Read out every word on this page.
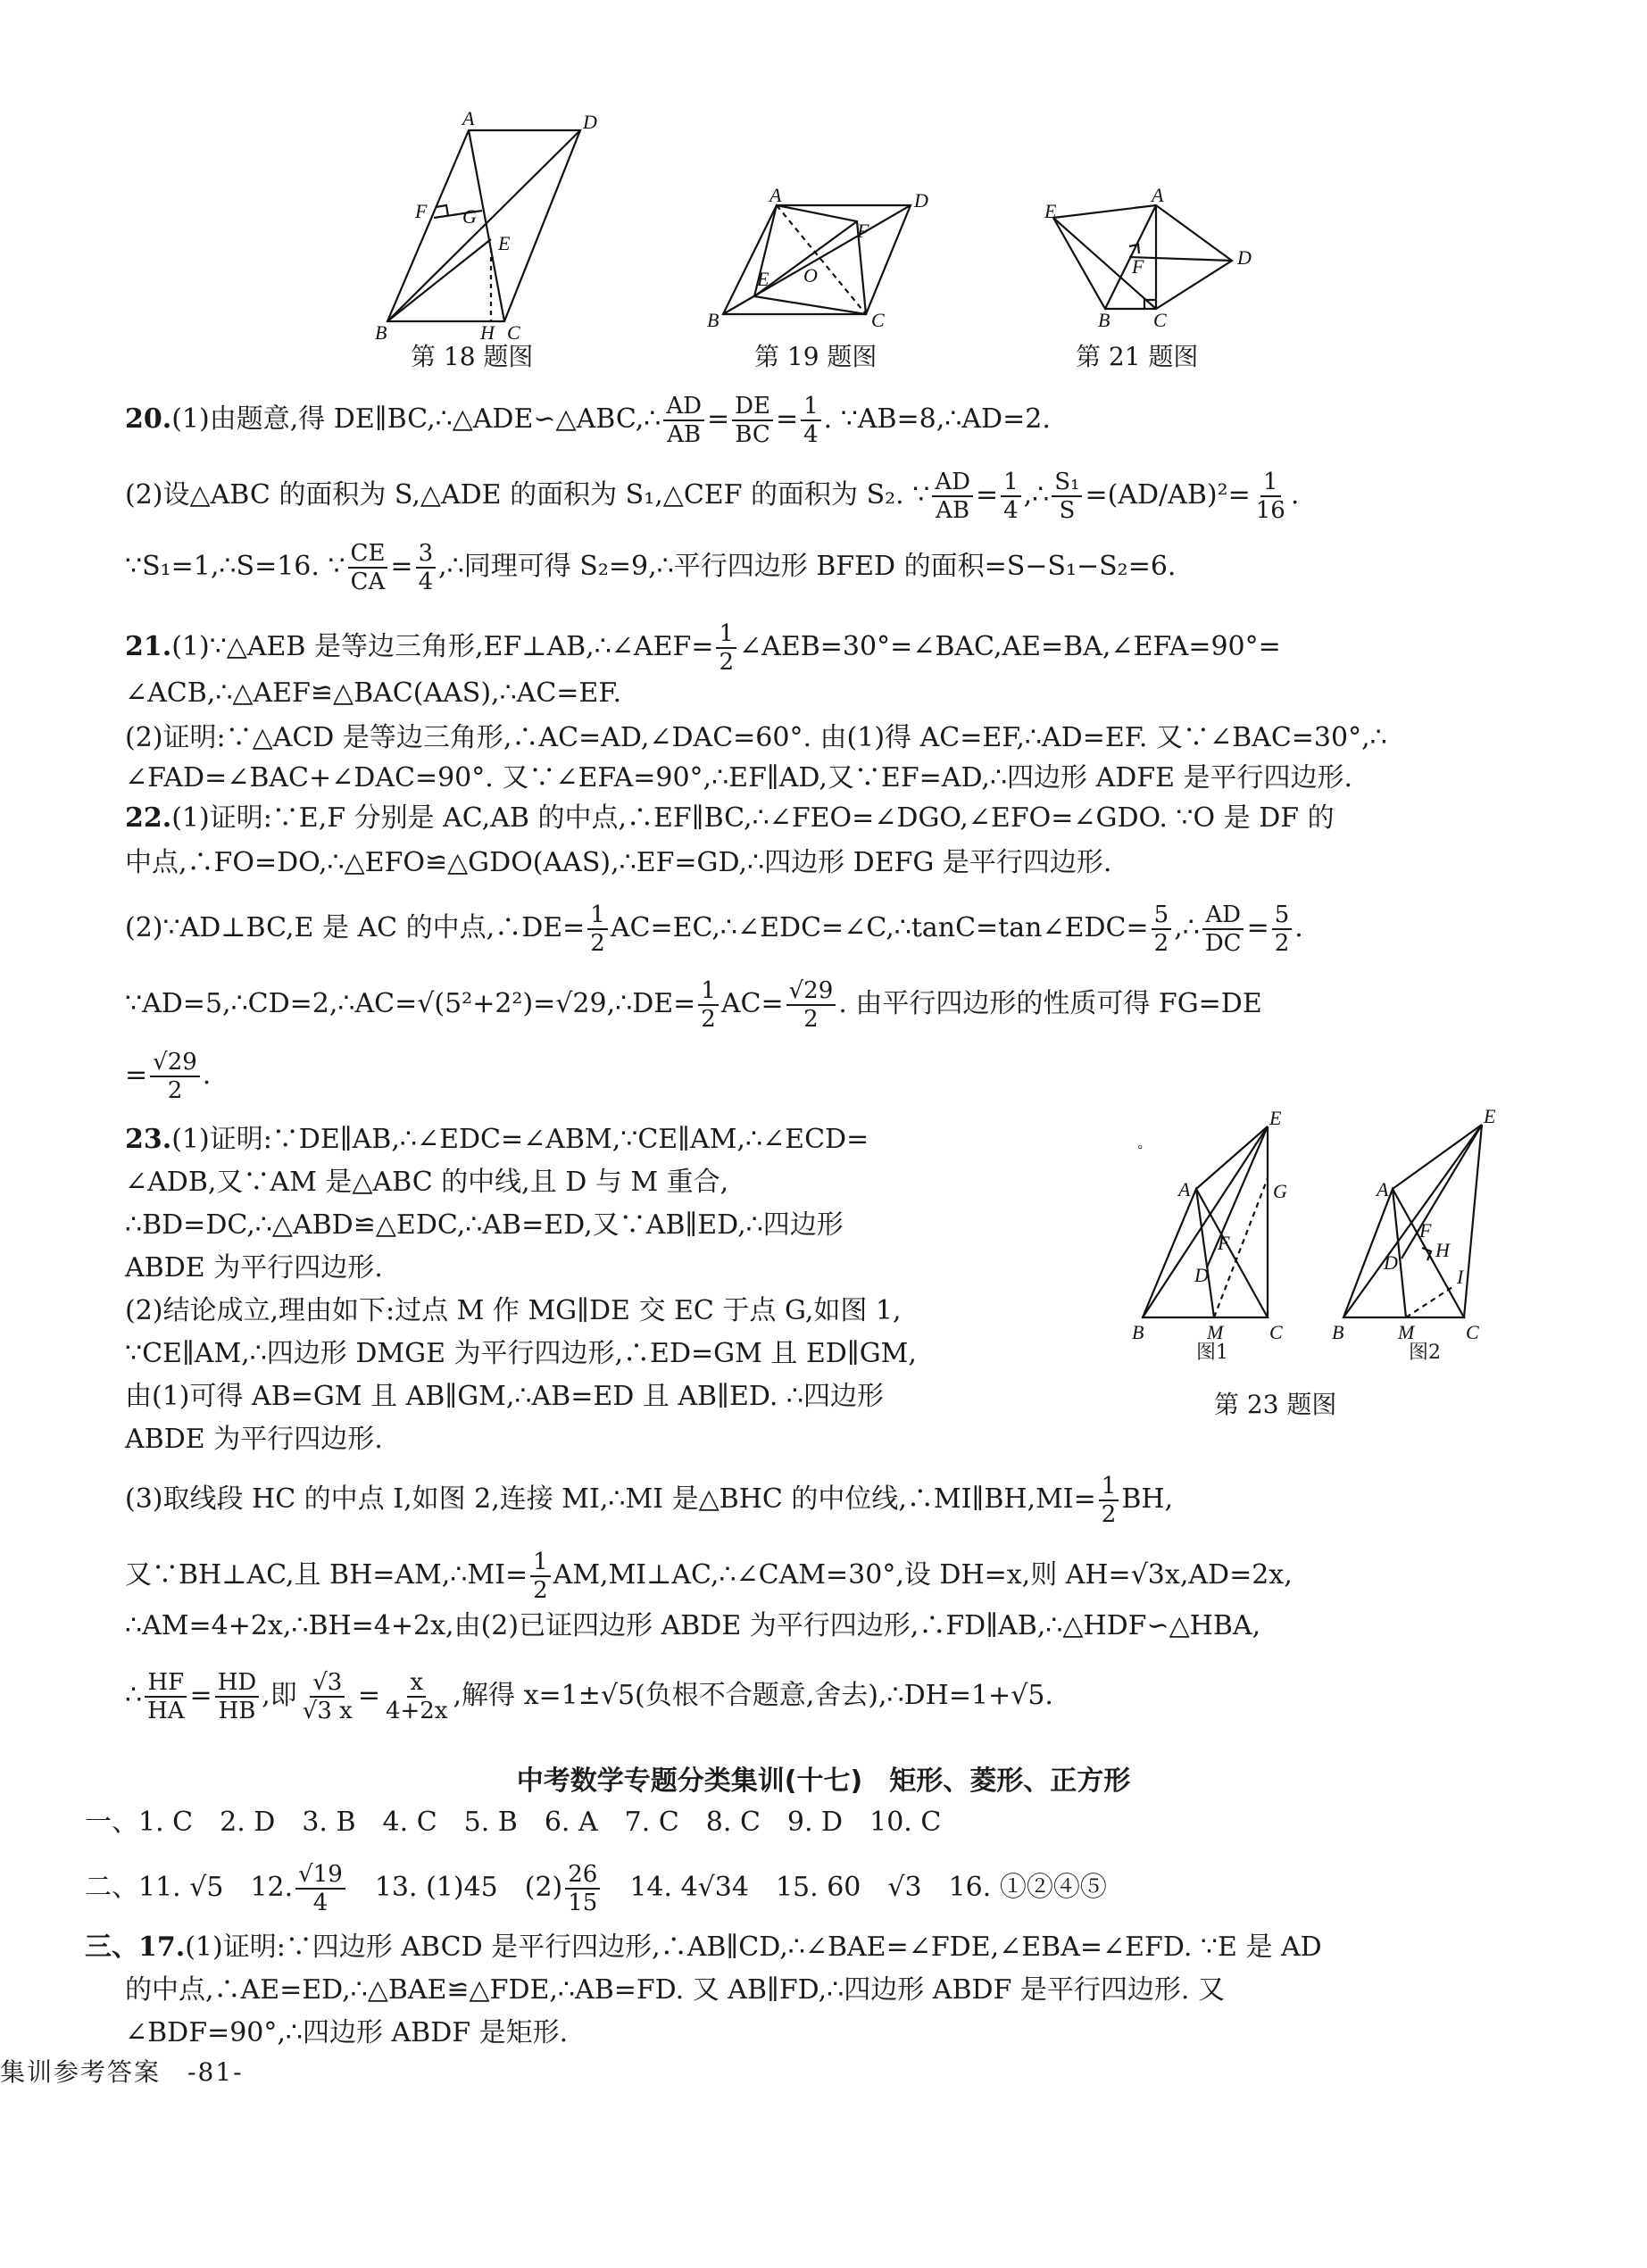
A	D
F G
E
B	H C
第 18 题图
A	D
F
E O
B	C
第 19 题图
E
A
D
F
B C
第 21 题图
°
E
A	G
F
D
B	M C
E
A
F
H
D
I
B	M	C
图1	图2
第 23 题图
20.(1)由题意,得 DE∥BC,∴△ADE∽△ABC,∴ $\frac{AD}{AB} = \frac{DE}{BC} = \frac{1}{4}$ . ∵AB=8,∴AD=2.
(2)设△ABC 的面积为 S,△ADE 的面积为 S₁,△CEF 的面积为 S₂. ∵ $\frac{AD}{AB} = \frac{1}{4}$ ,∴ $\frac{\text{S₁}}{S} =(AD/AB)^2= \frac{1}{16}$ .
∵S₁=1,∴S=16. ∵ $\frac{CE}{CA} = \frac{3}{4}$ ,∴同理可得 S₂=9,∴平行四边形 BFED 的面积=S−S₁−S₂=6.
21.(1)∵△AEB 是等边三角形,EF⊥AB,∴∠AEF= $\frac{1}{2}$ ∠AEB=30°=∠BAC,AE=BA,∠EFA=90°=
∠ACB,∴△AEF≌△BAC(AAS),∴AC=EF.
(2)证明:∵△ACD 是等边三角形,∴AC=AD,∠DAC=60°. 由(1)得 AC=EF,∴AD=EF. 又∵∠BAC=30°,∴
∠FAD=∠BAC+∠DAC=90°. 又∵∠EFA=90°,∴EF∥AD,又∵EF=AD,∴四边形 ADFE 是平行四边形.
22.(1)证明:∵E,F 分别是 AC,AB 的中点,∴EF∥BC,∴∠FEO=∠DGO,∠EFO=∠GDO. ∵O 是 DF 的
中点,∴FO=DO,∴△EFO≌△GDO(AAS),∴EF=GD,∴四边形 DEFG 是平行四边形.
(2)∵AD⊥BC,E 是 AC 的中点,∴DE= $\frac{1}{2}$ AC=EC,∴∠EDC=∠C,∴tanC=tan∠EDC= $\frac{5}{2}$ ,∴ $\frac{AD}{DC} = \frac{5}{2}$ .
∵AD=5,∴CD=2,∴AC=√(5²+2²)=√29,∴DE= $\frac{1}{2} AC= \frac{√29}{2}$ . 由平行四边形的性质可得 FG=DE
= $\frac{√29}{2}$ .
23.(1)证明:∵DE∥AB,∴∠EDC=∠ABM,∵CE∥AM,∴∠ECD=
∠ADB,又∵AM 是△ABC 的中线,且 D 与 M 重合,
∴BD=DC,∴△ABD≌△EDC,∴AB=ED,又∵AB∥ED,∴四边形
ABDE 为平行四边形.
(2)结论成立,理由如下:过点 M 作 MG∥DE 交 EC 于点 G,如图 1,
∵CE∥AM,∴四边形 DMGE 为平行四边形,∴ED=GM 且 ED∥GM,
由(1)可得 AB=GM 且 AB∥GM,∴AB=ED 且 AB∥ED. ∴四边形
ABDE 为平行四边形.
(3)取线段 HC 的中点 I,如图 2,连接 MI,∴MI 是△BHC 的中位线,∴MI∥BH,MI= $\frac{1}{2}$ BH,
又∵BH⊥AC,且 BH=AM,∴MI= $\frac{1}{2}$ AM,MI⊥AC,∴∠CAM=30°,设 DH=x,则 AH=√3x,AD=2x,
∴AM=4+2x,∴BH=4+2x,由(2)已证四边形 ABDE 为平行四边形,∴FD∥AB,∴△HDF∽△HBA,
∴ $\frac{HF}{HA} = \frac{HD}{HB}$ ,即 $\frac{√3}{√3 x} = \frac{x}{4+2x}$ ,解得 x=1±√5(负根不合题意,舍去),∴DH=1+√5.
中考数学专题分类集训(十七)　矩形、菱形、正方形
一、1. C　2. D　3. B　4. C　5. B　6. A　7. C　8. C　9. D　10. C
二、11. √5　 12. $\frac{√19}{4}$
　 13. (1)45　$(2) \frac{26}{15}$
　 14. 4√34　15. 60　√3　16. ①②④⑤
三、17.(1)证明:∵四边形 ABCD 是平行四边形,∴AB∥CD,∴∠BAE=∠FDE,∠EBA=∠EFD. ∵E 是 AD
的中点,∴AE=ED,∴△BAE≌△FDE,∴AB=FD. 又 AB∥FD,∴四边形 ABDF 是平行四边形. 又
∠BDF=90°,∴四边形 ABDF 是矩形.
集训参考答案　-81-
